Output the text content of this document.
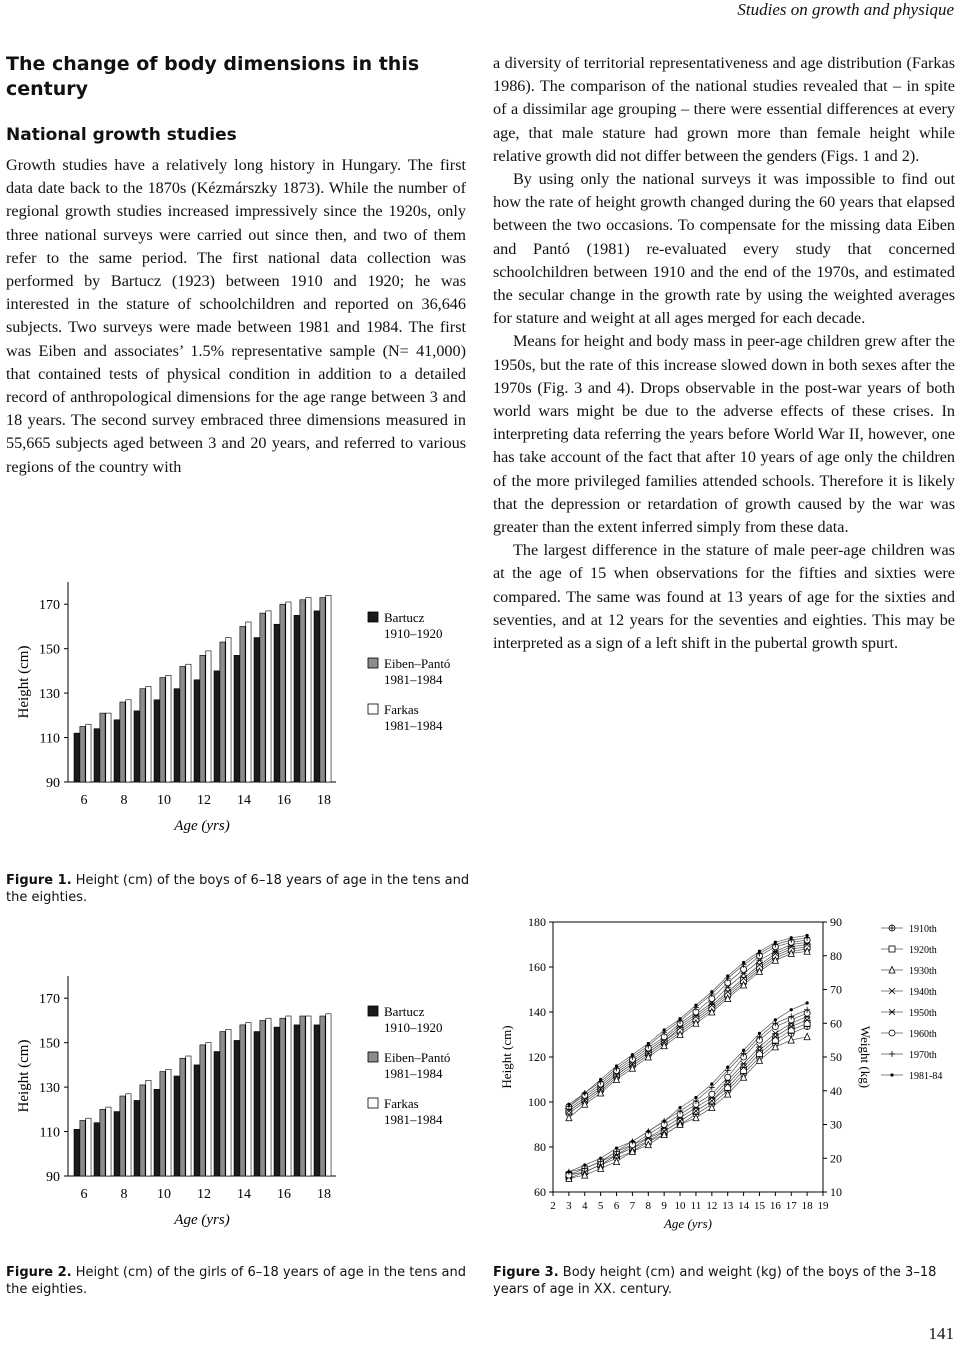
Studies on growth and physique
The change of body dimensions in this century
National growth studies

Growth studies have a relatively long history in Hungary. The first data date back to the 1870s (Kézmárszky 1873). While the number of regional growth studies increased impressively since the 1920s, only three national surveys were carried out since then, and two of them refer to the same period. The first national data collection was performed by Bartucz (1923) between 1910 and 1920; he was interested in the stature of schoolchildren and reported on 36,646 subjects. Two surveys were made between 1981 and 1984. The first was Eiben and associates’ 1.5% representative sample (N= 41,000) that contained tests of physical condition in addition to a detailed record of anthropological dimensions for the age range between 3 and 18 years. The second survey embraced three dimensions measured in 55,665 subjects aged between 3 and 20 years, and referred to various regions of the country with

a diversity of territorial representativeness and age distribution (Farkas 1986). The comparison of the national studies revealed that – in spite of a dissimilar age grouping – there were essential differences at every age, that male stature had grown more than female height while relative growth did not differ between the genders (Figs. 1 and 2).

By using only the national surveys it was impossible to find out how the rate of height growth changed during the 60 years that elapsed between the two occasions. To compensate for the missing data Eiben and Pantó (1981) re-evaluated every study that concerned schoolchildren between 1910 and the end of the 1970s, and estimated the secular change in the growth rate by using the weighted averages for stature and weight at all ages merged for each decade.

Means for height and body mass in peer-age children grew after the 1950s, but the rate of this increase slowed down in both sexes after the 1970s (Fig. 3 and 4). Drops observable in the post-war years of both world wars might be due to the adverse effects of these crises. In interpreting data referring the years before World War II, however, one has take account of the fact that after 10 years of age only the children of the more privileged families attended schools. Therefore it is likely that the depression or retardation of growth caused by the war was greater than the extent inferred simply from these data.

The largest difference in the stature of male peer-age children was at the age of 15 when observations for the fifties and sixties were compared. The same was found at 13 years of age for the sixties and seventies, and at 12 years for the seventies and eighties. This may be interpreted as a sign of a left shift in the pubertal growth spurt.

90
110
130
150
170
6 8 10 12 14 16 18
Age (yrs)
Height (cm)
Bartucz
1910–1920
Eiben–Pantó
1981–1984
Farkas
1981–1984
Figure 1. Height (cm) of the boys of 6–18 years of age in the tens and the eighties.
90
110
130
150
170
6 8 10 12 14 16 18
Age (yrs)
Height (cm)
Bartucz
1910–1920
Eiben–Pantó
1981–1984
Farkas
1981–1984
Figure 2. Height (cm) of the girls of 6–18 years of age in the tens and the eighties.
60
80
100
120
140
160
180
10
20
30
40
50
60
70
80
90
2 3 4 5 6 7 8 9 10 11 12 13 14 15 16 17 18 19
Age (yrs)
Height (cm)	Weight (kg)
1910th
1920th
1930th
1940th
1950th
1960th
1970th
1981-84
Figure 3. Body height (cm) and weight (kg) of the boys of the 3–18 years of age in XX. century.
141
